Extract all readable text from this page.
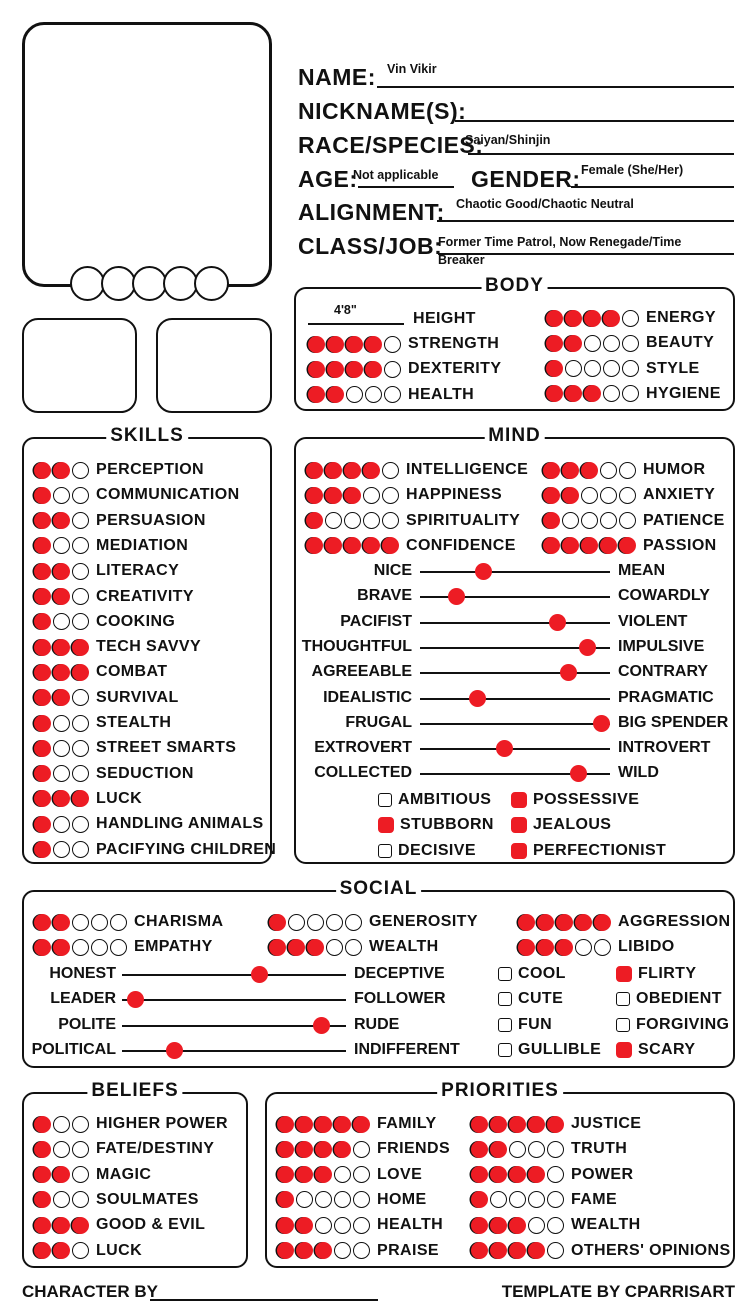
NAME: Vin Vikir
NICKNAME(S):
RACE/SPECIES:
Saiyan/Shinjin
AGE:
Not applicable GENDER: Female (She/Her)
ALIGNMENT: Chaotic Good/Chaotic Neutral
CLASS/JOB:
Former Time Patrol, Now Renegade/Time
Breaker
BODY
4'8"	HEIGHT
STRENGTH
DEXTERITY
HEALTH
ENERGY
BEAUTY
STYLE
HYGIENE
SKILLS
PERCEPTION
COMMUNICATION
PERSUASION
MEDIATION
LITERACY
CREATIVITY
COOKING
TECH SAVVY
COMBAT
SURVIVAL
STEALTH
STREET SMARTS
SEDUCTION
LUCK
HANDLING ANIMALS
PACIFYING CHILDREN
MIND
INTELLIGENCE
HAPPINESS
SPIRITUALITY
CONFIDENCE
HUMOR
ANXIETY
PATIENCE
PASSION
NICE	MEAN
BRAVE	COWARDLY
PACIFIST	VIOLENT
THOUGHTFUL	IMPULSIVE
AGREEABLE	CONTRARY
IDEALISTIC	PRAGMATIC
FRUGAL	BIG SPENDER
EXTROVERT	INTROVERT
COLLECTED	WILD
AMBITIOUS
STUBBORN
DECISIVE
POSSESSIVE
JEALOUS
PERFECTIONIST
SOCIAL
CHARISMA
EMPATHY
GENEROSITY
WEALTH
AGGRESSION
LIBIDO
HONEST	DECEPTIVE
LEADER	FOLLOWER
POLITE	RUDE
POLITICAL	INDIFFERENT
COOL
CUTE
FUN
GULLIBLE
FLIRTY
OBEDIENT
FORGIVING
SCARY
BELIEFS
HIGHER POWER
FATE/DESTINY
MAGIC
SOULMATES
GOOD & EVIL
LUCK
PRIORITIES
FAMILY
FRIENDS
LOVE
HOME
HEALTH
PRAISE
JUSTICE
TRUTH
POWER
FAME
WEALTH
OTHERS' OPINIONS
CHARACTER BY	TEMPLATE BY CPARRISART
